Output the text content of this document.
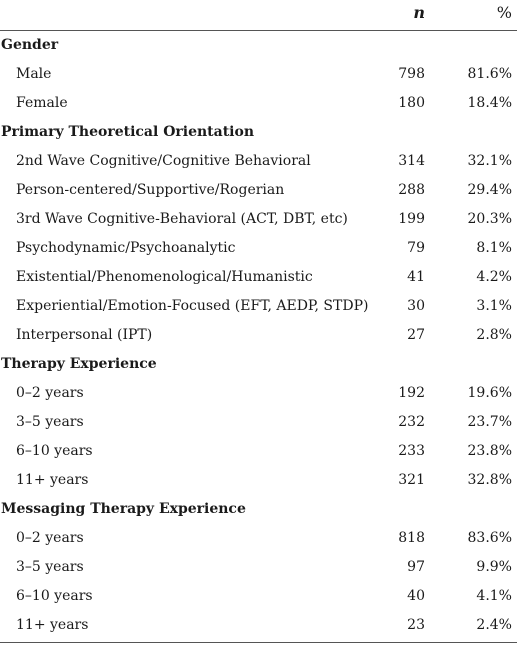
n	%
Gender
Male	798	81.6%
Female	180	18.4%
Primary Theoretical Orientation
2nd Wave Cognitive/Cognitive Behavioral	314	32.1%
Person-centered/Supportive/Rogerian	288	29.4%
3rd Wave Cognitive-Behavioral (ACT, DBT, etc)	199	20.3%
Psychodynamic/Psychoanalytic	79	8.1%
Existential/Phenomenological/Humanistic	41	4.2%
Experiential/Emotion-Focused (EFT, AEDP, STDP)	30	3.1%
Interpersonal (IPT)	27	2.8%
Therapy Experience
0–2 years	192	19.6%
3–5 years	232	23.7%
6–10 years	233	23.8%
11+ years	321	32.8%
Messaging Therapy Experience
0–2 years	818	83.6%
3–5 years	97	9.9%
6–10 years	40	4.1%
11+ years	23	2.4%
